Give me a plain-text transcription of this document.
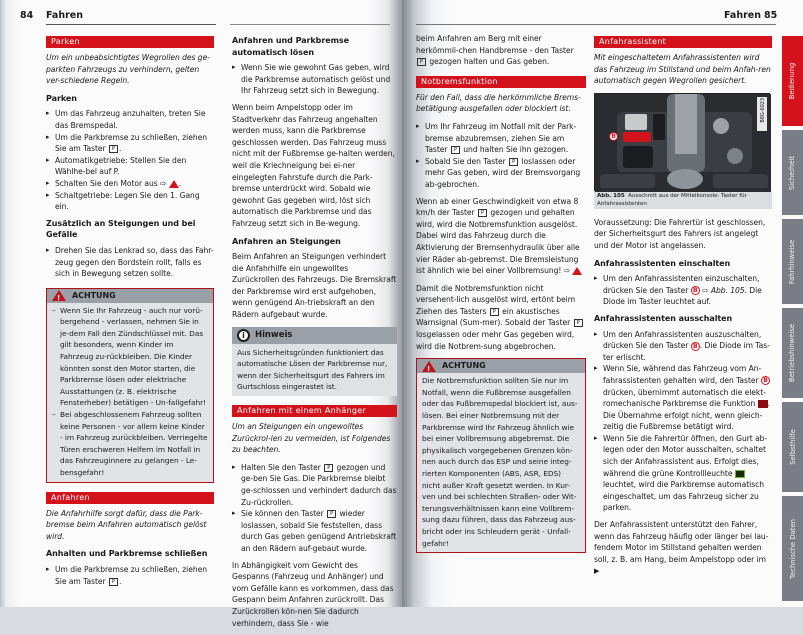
84 Fahren
Parken
Um ein unbeabsichtigtes Wegrollen des ge-parkten Fahrzeugs zu verhindern, gelten ver-schiedene Regeln.
Parken
▸ Um das Fahrzeug anzuhalten, treten Sie das Bremspedal.
▸ Um die Parkbremse zu schließen, ziehen Sie am Taster P .
▸ Automatikgetriebe: Stellen Sie den Wählhe-bel auf P.
▸ Schalten Sie den Motor aus ⇨ .
▸ Schaltgetriebe: Legen Sie den 1. Gang ein.
Zusätzlich an Steigungen und bei Gefälle
▸ Drehen Sie das Lenkrad so, dass das Fahr-zeug gegen den Bordstein rollt, falls es sich in Bewegung setzen sollte.
!
ACHTUNG
– Wenn Sie Ihr Fahrzeug - auch nur vorü-bergehend - verlassen, nehmen Sie in je-dem Fall den Zündschlüssel mit. Das gilt besonders, wenn Kinder im Fahrzeug zu-rückbleiben. Die Kinder könnten sonst den Motor starten, die Parkbremse lösen oder elektrische Ausstattungen (z. B. elektrische Fensterheber) betätigen - Un-fallgefahr!
– Bei abgeschlossenem Fahrzeug sollten keine Personen - vor allem keine Kinder - im Fahrzeug zurückbleiben. Verriegelte Türen erschweren Helfern im Notfall in das Fahrzeuginnere zu gelangen - Le-bensgefahr!
Anfahren
Die Anfahrhilfe sorgt dafür, dass die Park-bremse beim Anfahren automatisch gelöst wird.
Anhalten und Parkbremse schließen
▸ Um die Parkbremse zu schließen, ziehen Sie am Taster P .
Anfahren und Parkbremse automatisch lösen
▸ Wenn Sie wie gewohnt Gas geben, wird die Parkbremse automatisch gelöst und Ihr Fahrzeug setzt sich in Bewegung.
Wenn beim Ampelstopp oder im Stadtverkehr das Fahrzeug angehalten werden muss, kann die Parkbremse geschlossen werden. Das Fahrzeug muss nicht mit der Fußbremse ge-halten werden, weil die Kriechneigung bei ei-ner eingelegten Fahrstufe durch die Park-bremse unterdrückt wird. Sobald wie gewohnt Gas gegeben wird, löst sich automatisch die Parkbremse und das Fahrzeug setzt sich in Be-wegung.
Anfahren an Steigungen
Beim Anfahren an Steigungen verhindert die Anfahrhilfe ein ungewolltes Zurückrollen des Fahrzeugs. Die Bremskraft der Parkbremse wird erst aufgehoben, wenn genügend An-triebskraft an den Rädern aufgebaut wurde.
i	Hinweis
Aus Sicherheitsgründen funktioniert das automatische Lösen der Parkbremse nur, wenn der Sicherheitsgurt des Fahrers im Gurtschloss eingerastet ist.
Anfahren mit einem Anhänger
Um an Steigungen ein ungewolltes Zurückrol-len zu vermeiden, ist Folgendes zu beachten.
▸ Halten Sie den Taster P gezogen und ge-ben Sie Gas. Die Parkbremse bleibt ge-schlossen und verhindert dadurch das Zu-rückrollen.
▸ Sie können den Taster P wieder loslassen, sobald Sie feststellen, dass durch Gas geben genügend Antriebskraft an den Rädern auf-gebaut wurde.
In Abhängigkeit vom Gewicht des Gespanns (Fahrzeug und Anhänger) und vom Gefälle kann es vorkommen, dass das Gespann beim Anfahren zurückrollt. Das Zurückrollen kön-nen Sie dadurch verhindern, dass Sie - wie
Fahren 85
beim Anfahren am Berg mit einer herkömmli-chen Handbremse - den Taster P gezogen halten und Gas geben.
Notbremsfunktion
Für den Fall, dass die herkömmliche Brems-betätigung ausgefallen oder blockiert ist.
▸ Um Ihr Fahrzeug im Notfall mit der Park-bremse abzubremsen, ziehen Sie am Taster P und halten Sie ihn gezogen.
▸ Sobald Sie den Taster P loslassen oder mehr Gas geben, wird der Bremsvorgang ab-gebrochen.
Wenn ab einer Geschwindigkeit von etwa 8 km/h der Taster P gezogen und gehalten wird, wird die Notbremsfunktion ausgelöst. Dabei wird das Fahrzeug durch die Aktivierung der Bremsenhydraulik über alle vier Räder ab-gebremst. Die Bremsleistung ist ähnlich wie bei einer Vollbremsung! ⇨
Damit die Notbremsfunktion nicht versehent-lich ausgelöst wird, ertönt beim Ziehen des Tasters P ein akustisches Warnsignal (Sum-mer). Sobald der Taster P losgelassen oder mehr Gas gegeben wird, wird die Notbrem-sung abgebrochen.
!
ACHTUNG
Die Notbremsfunktion sollten Sie nur im Notfall, wenn die Fußbremse ausgefallen oder das Fußbremspedal blockiert ist, aus-lösen. Bei einer Notbremsung mit der Parkbremse wird Ihr Fahrzeug ähnlich wie bei einer Vollbremsung abgebremst. Die physikalisch vorgegebenen Grenzen kön-nen auch durch das ESP und seine integ-rierten Komponenten (ABS, ASR, EDS) nicht außer Kraft gesetzt werden. In Kur-ven und bei schlechten Straßen- oder Wit-terungsverhältnissen kann eine Vollbrem-sung dazu führen, dass das Fahrzeug aus-bricht oder ins Schleudern gerät - Unfall-gefahr!
Anfahrassistent
Mit eingeschaltetem Anfahrassistenten wird das Fahrzeug im Stillstand und beim Anfah-ren automatisch gegen Wegrollen gesichert.
B8G-6023
B
Abb. 105 Ausschnitt aus der Mittelkonsole: Taster für Anfahrassistenten
Voraussetzung: Die Fahrertür ist geschlossen, der Sicherheitsgurt des Fahrers ist angelegt und der Motor ist angelassen.
Anfahrassistenten einschalten
▸ Um den Anfahrassistenten einzuschalten, drücken Sie den Taster B ⇨ Abb. 105. Die Diode im Taster leuchtet auf.
Anfahrassistenten ausschalten
▸ Um den Anfahrassistenten auszuschalten, drücken Sie den Taster B . Die Diode im Tas-ter erlischt.
▸ Wenn Sie, während das Fahrzeug vom An-fahrassistenten gehalten wird, den Taster B drücken, übernimmt automatisch die elekt-romechanische Parkbremse die Funktion . Die Übernahme erfolgt nicht, wenn gleich-zeitig die Fußbremse betätigt wird.
▸ Wenn Sie die Fahrertür öffnen, den Gurt ab-legen oder den Motor ausschalten, schaltet sich der Anfahrassistent aus. Erfolgt dies, während die grüne Kontrollleuchte  leuchtet, wird die Parkbremse automatisch eingeschaltet, um das Fahrzeug sicher zu parken.
Der Anfahrassistent unterstützt den Fahrer, wenn das Fahrzeug häufig oder länger bei lau-fendem Motor im Stillstand gehalten werden soll, z. B. am Hang, beim Ampelstopp oder im ▶
Bedienung
Sicherheit
Fahrhinweise
Betriebshinweise
Selbsthilfe
Technische Daten
